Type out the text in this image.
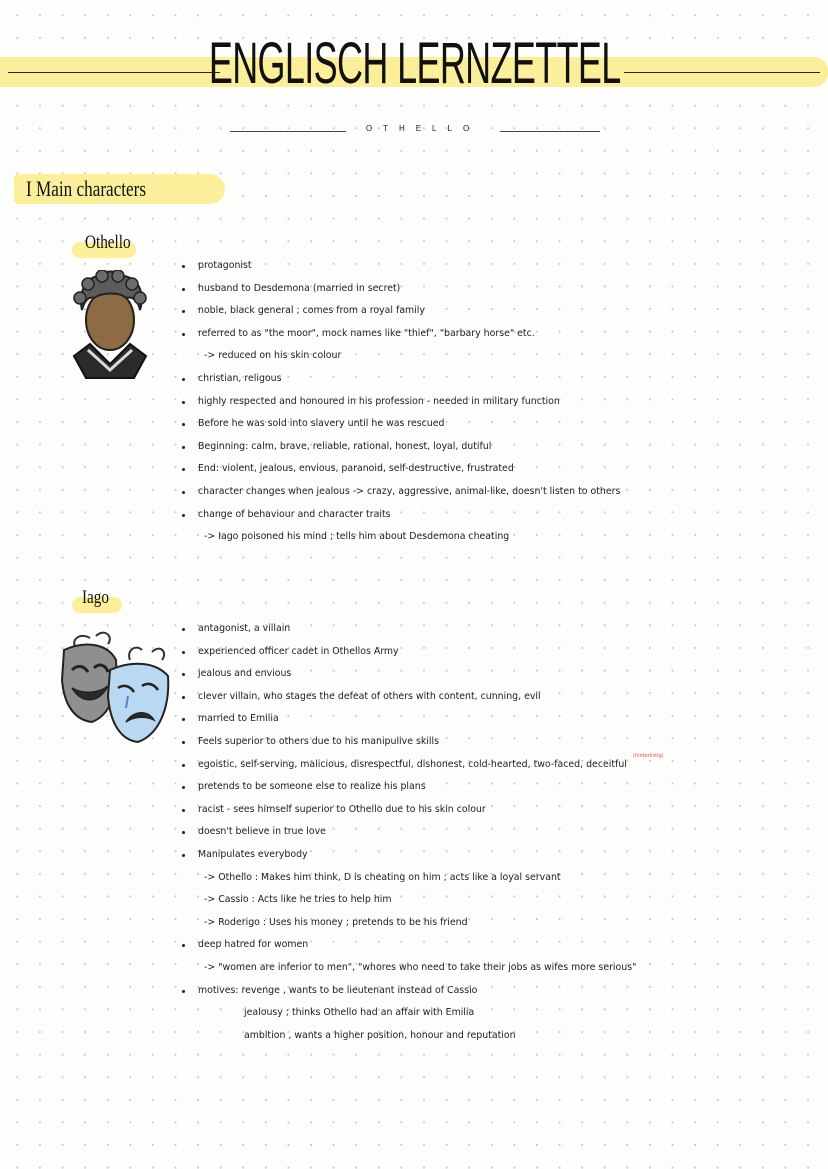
ENGLISCH LERNZETTEL
OTHELLO
I Main characters
Othello
protagonist
husband to Desdemona (married in secret)
noble, black general ; comes from a royal family
referred to as "the moor", mock names like "thief", "barbary horse" etc.
-> reduced on his skin colour
christian, religous
highly respected and honoured in his profession - needed in military function
Before he was sold into slavery until he was rescued
Beginning: calm, brave, reliable, rational, honest, loyal, dutiful
End: violent, jealous, envious, paranoid, self-destructive, frustrated
character changes when jealous -> crazy, aggressive, animal-like, doesn't listen to others
change of behaviour and character traits
-> Iago poisoned his mind ; tells him about Desdemona cheating
Iago
antagonist, a villain
experienced officer cadet in Othellos Army
jealous and envious
clever villain, who stages the defeat of others with content, cunning, evil
married to Emilia
Feels superior to others due to his manipulive skills
egoistic, self-serving, malicious, disrespectful, dishonest, cold-hearted, two-faced, deceitful
pretends to be someone else to realize his plans
racist - sees himself superior to Othello due to his skin colour
doesn't believe in true love
Manipulates everybody
-> Othello : Makes him think, D is cheating on him ; acts like a loyal servant
-> Cassio : Acts like he tries to help him
-> Roderigo : Uses his money ; pretends to be his friend
deep hatred for women
-> "women are inferior to men", "whores who need to take their jobs as wifes more serious"
motives: revenge , wants to be lieutenant instead of Cassio
jealousy ; thinks Othello had an affair with Emilia
ambition , wants a higher position, honour and reputation
(hinterlistig)
